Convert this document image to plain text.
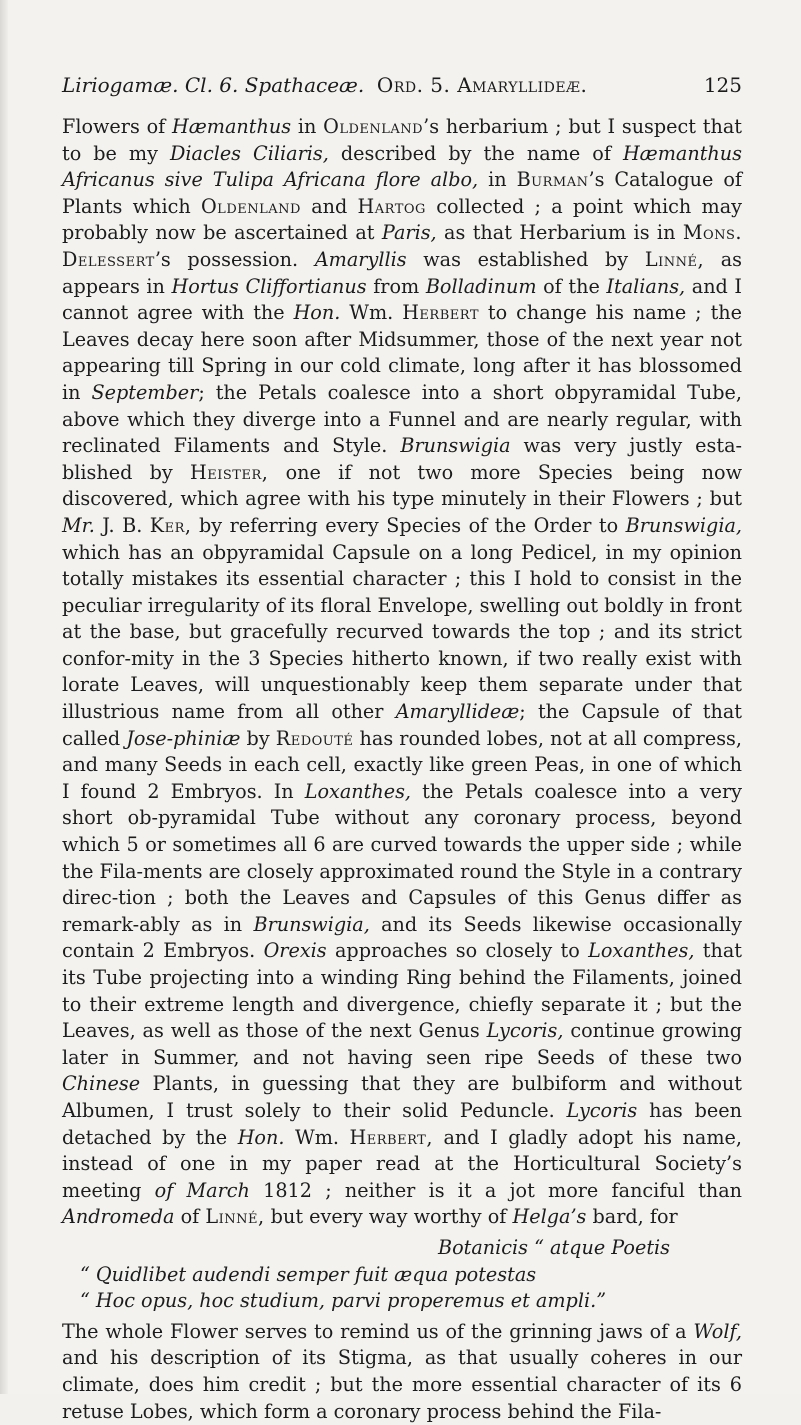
Liriogamæ. Cl. 6. Spathaceæ. Ord. 5. Amaryllideæ.	125

Flowers of Hæmanthus in Oldenland’s herbarium ; but I suspect that to be my Diacles Ciliaris, described by the name of Hæmanthus Africanus sive Tulipa Africana flore albo, in Burman’s Catalogue of Plants which Oldenland and Hartog collected ; a point which may probably now be ascertained at Paris, as that Herbarium is in Mons. Delessert’s possession. Amaryllis was established by Linné, as appears in Hortus Cliffortianus from Bolladinum of the Italians, and I cannot agree with the Hon. Wm. Herbert to change his name ; the Leaves decay here soon after Midsummer, those of the next year not appearing till Spring in our cold climate, long after it has blossomed in September; the Petals coalesce into a short obpyramidal Tube, above which they diverge into a Funnel and are nearly regular, with reclinated Filaments and Style. Brunswigia was very justly esta-blished by Heister, one if not two more Species being now discovered, which agree with his type minutely in their Flowers ; but Mr. J. B. Ker, by referring every Species of the Order to Brunswigia, which has an obpyramidal Capsule on a long Pedicel, in my opinion totally mistakes its essential character ; this I hold to consist in the peculiar irregularity of its floral Envelope, swelling out boldly in front at the base, but gracefully recurved towards the top ; and its strict confor-mity in the 3 Species hitherto known, if two really exist with lorate Leaves, will unquestionably keep them separate under that illustrious name from all other Amaryllideæ; the Capsule of that called Jose-phiniæ by Redouté has rounded lobes, not at all compress, and many Seeds in each cell, exactly like green Peas, in one of which I found 2 Embryos. In Loxanthes, the Petals coalesce into a very short ob-pyramidal Tube without any coronary process, beyond which 5 or sometimes all 6 are curved towards the upper side ; while the Fila-ments are closely approximated round the Style in a contrary direc-tion ; both the Leaves and Capsules of this Genus differ as remark-ably as in Brunswigia, and its Seeds likewise occasionally contain 2 Embryos. Orexis approaches so closely to Loxanthes, that its Tube projecting into a winding Ring behind the Filaments, joined to their extreme length and divergence, chiefly separate it ; but the Leaves, as well as those of the next Genus Lycoris, continue growing later in Summer, and not having seen ripe Seeds of these two Chinese Plants, in guessing that they are bulbiform and without Albumen, I trust solely to their solid Peduncle. Lycoris has been detached by the Hon. Wm. Herbert, and I gladly adopt his name, instead of one in my paper read at the Horticultural Society’s meeting of March 1812 ; neither is it a jot more fanciful than Andromeda of Linné, but every way worthy of Helga’s bard, for

Botanicis “ atque Poetis
“ Quidlibet audendi semper fuit æqua potestas
“ Hoc opus, hoc studium, parvi properemus et ampli.”

The whole Flower serves to remind us of the grinning jaws of a Wolf, and his description of its Stigma, as that usually coheres in our climate, does him credit ; but the more essential character of its 6 retuse Lobes, which form a coronary process behind the Fila-
